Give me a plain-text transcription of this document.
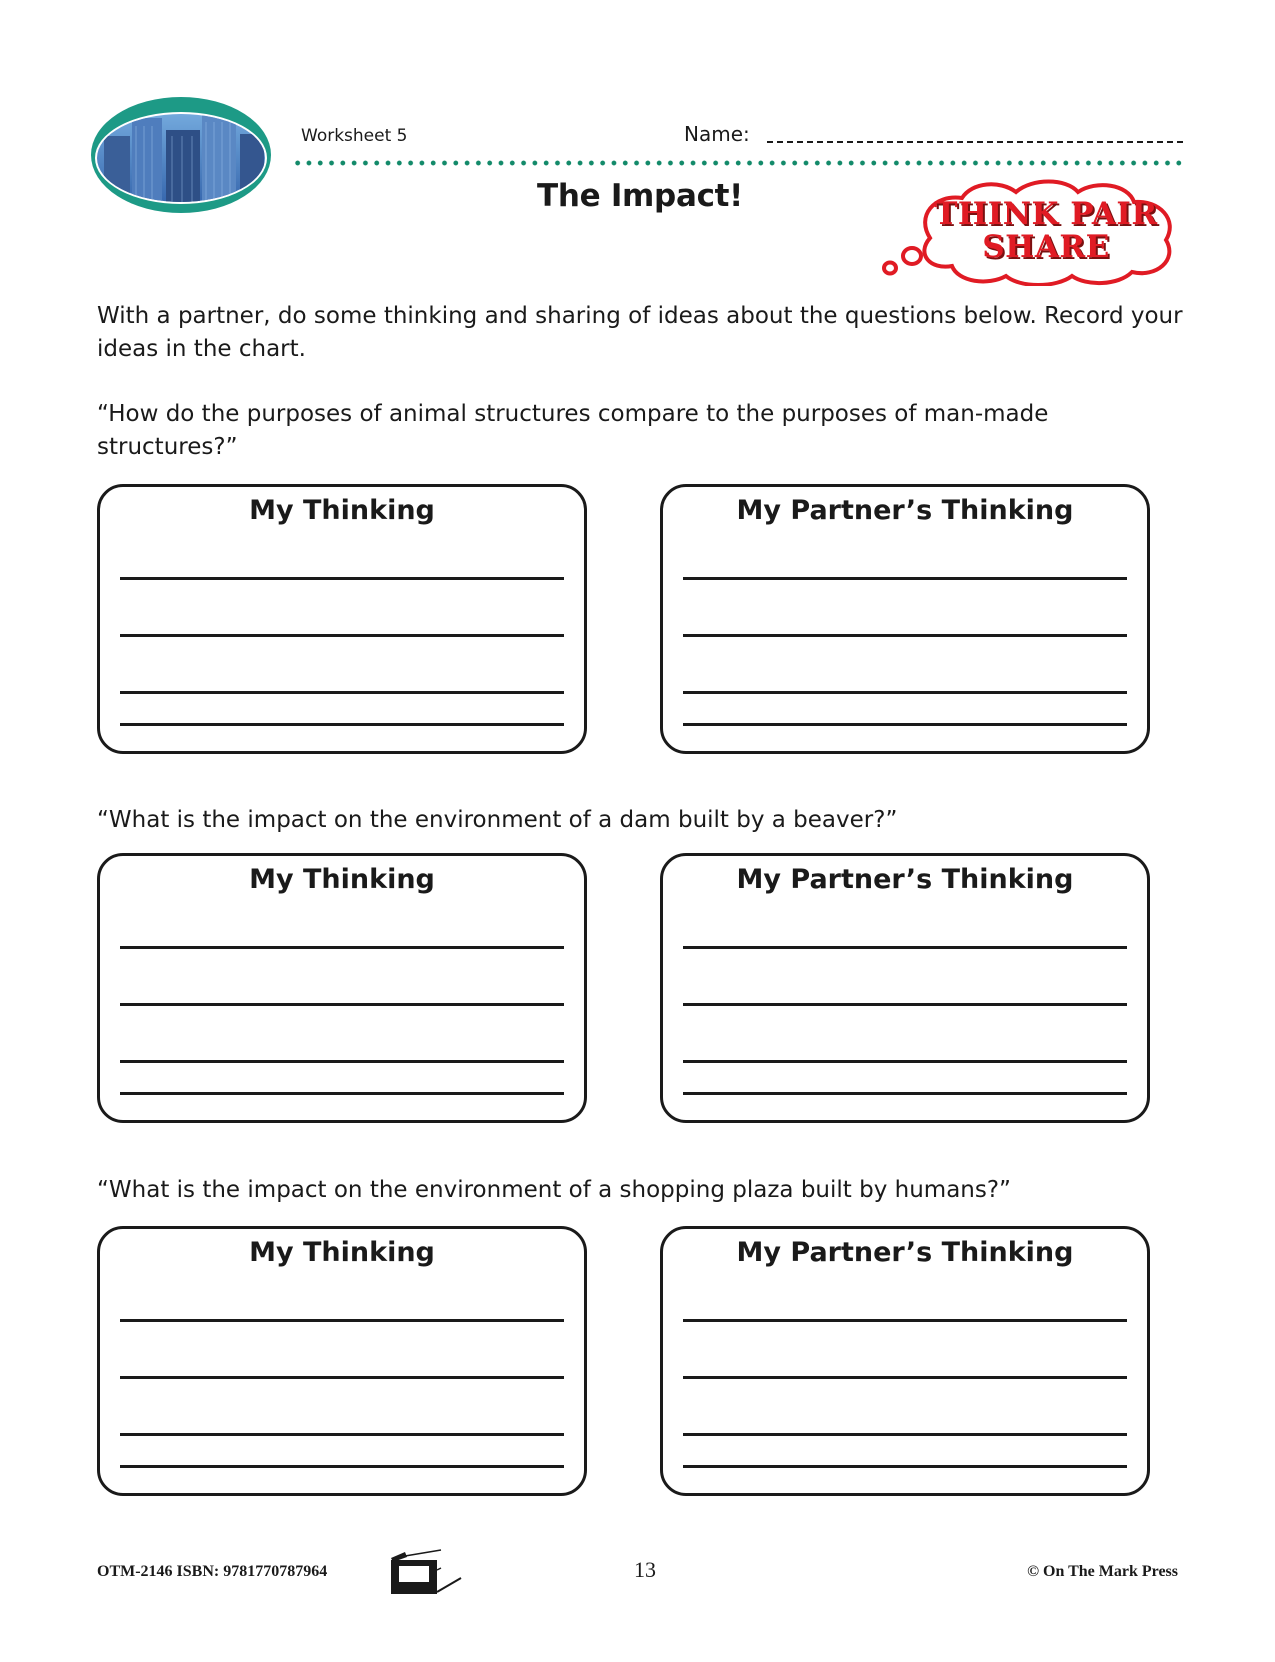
Worksheet 5	Name:
The Impact!	THINK PAIR
SHARE
With a partner, do some thinking and sharing of ideas about the questions below. Record your ideas in the chart.
“How do the purposes of animal structures compare to the purposes of man-made structures?”
My Thinking	My Partner’s Thinking
“What is the impact on the environment of a dam built by a beaver?”
My Thinking	My Partner’s Thinking
“What is the impact on the environment of a shopping plaza built by humans?”
My Thinking	My Partner’s Thinking
OTM-2146 ISBN: 9781770787964	13	© On The Mark Press
